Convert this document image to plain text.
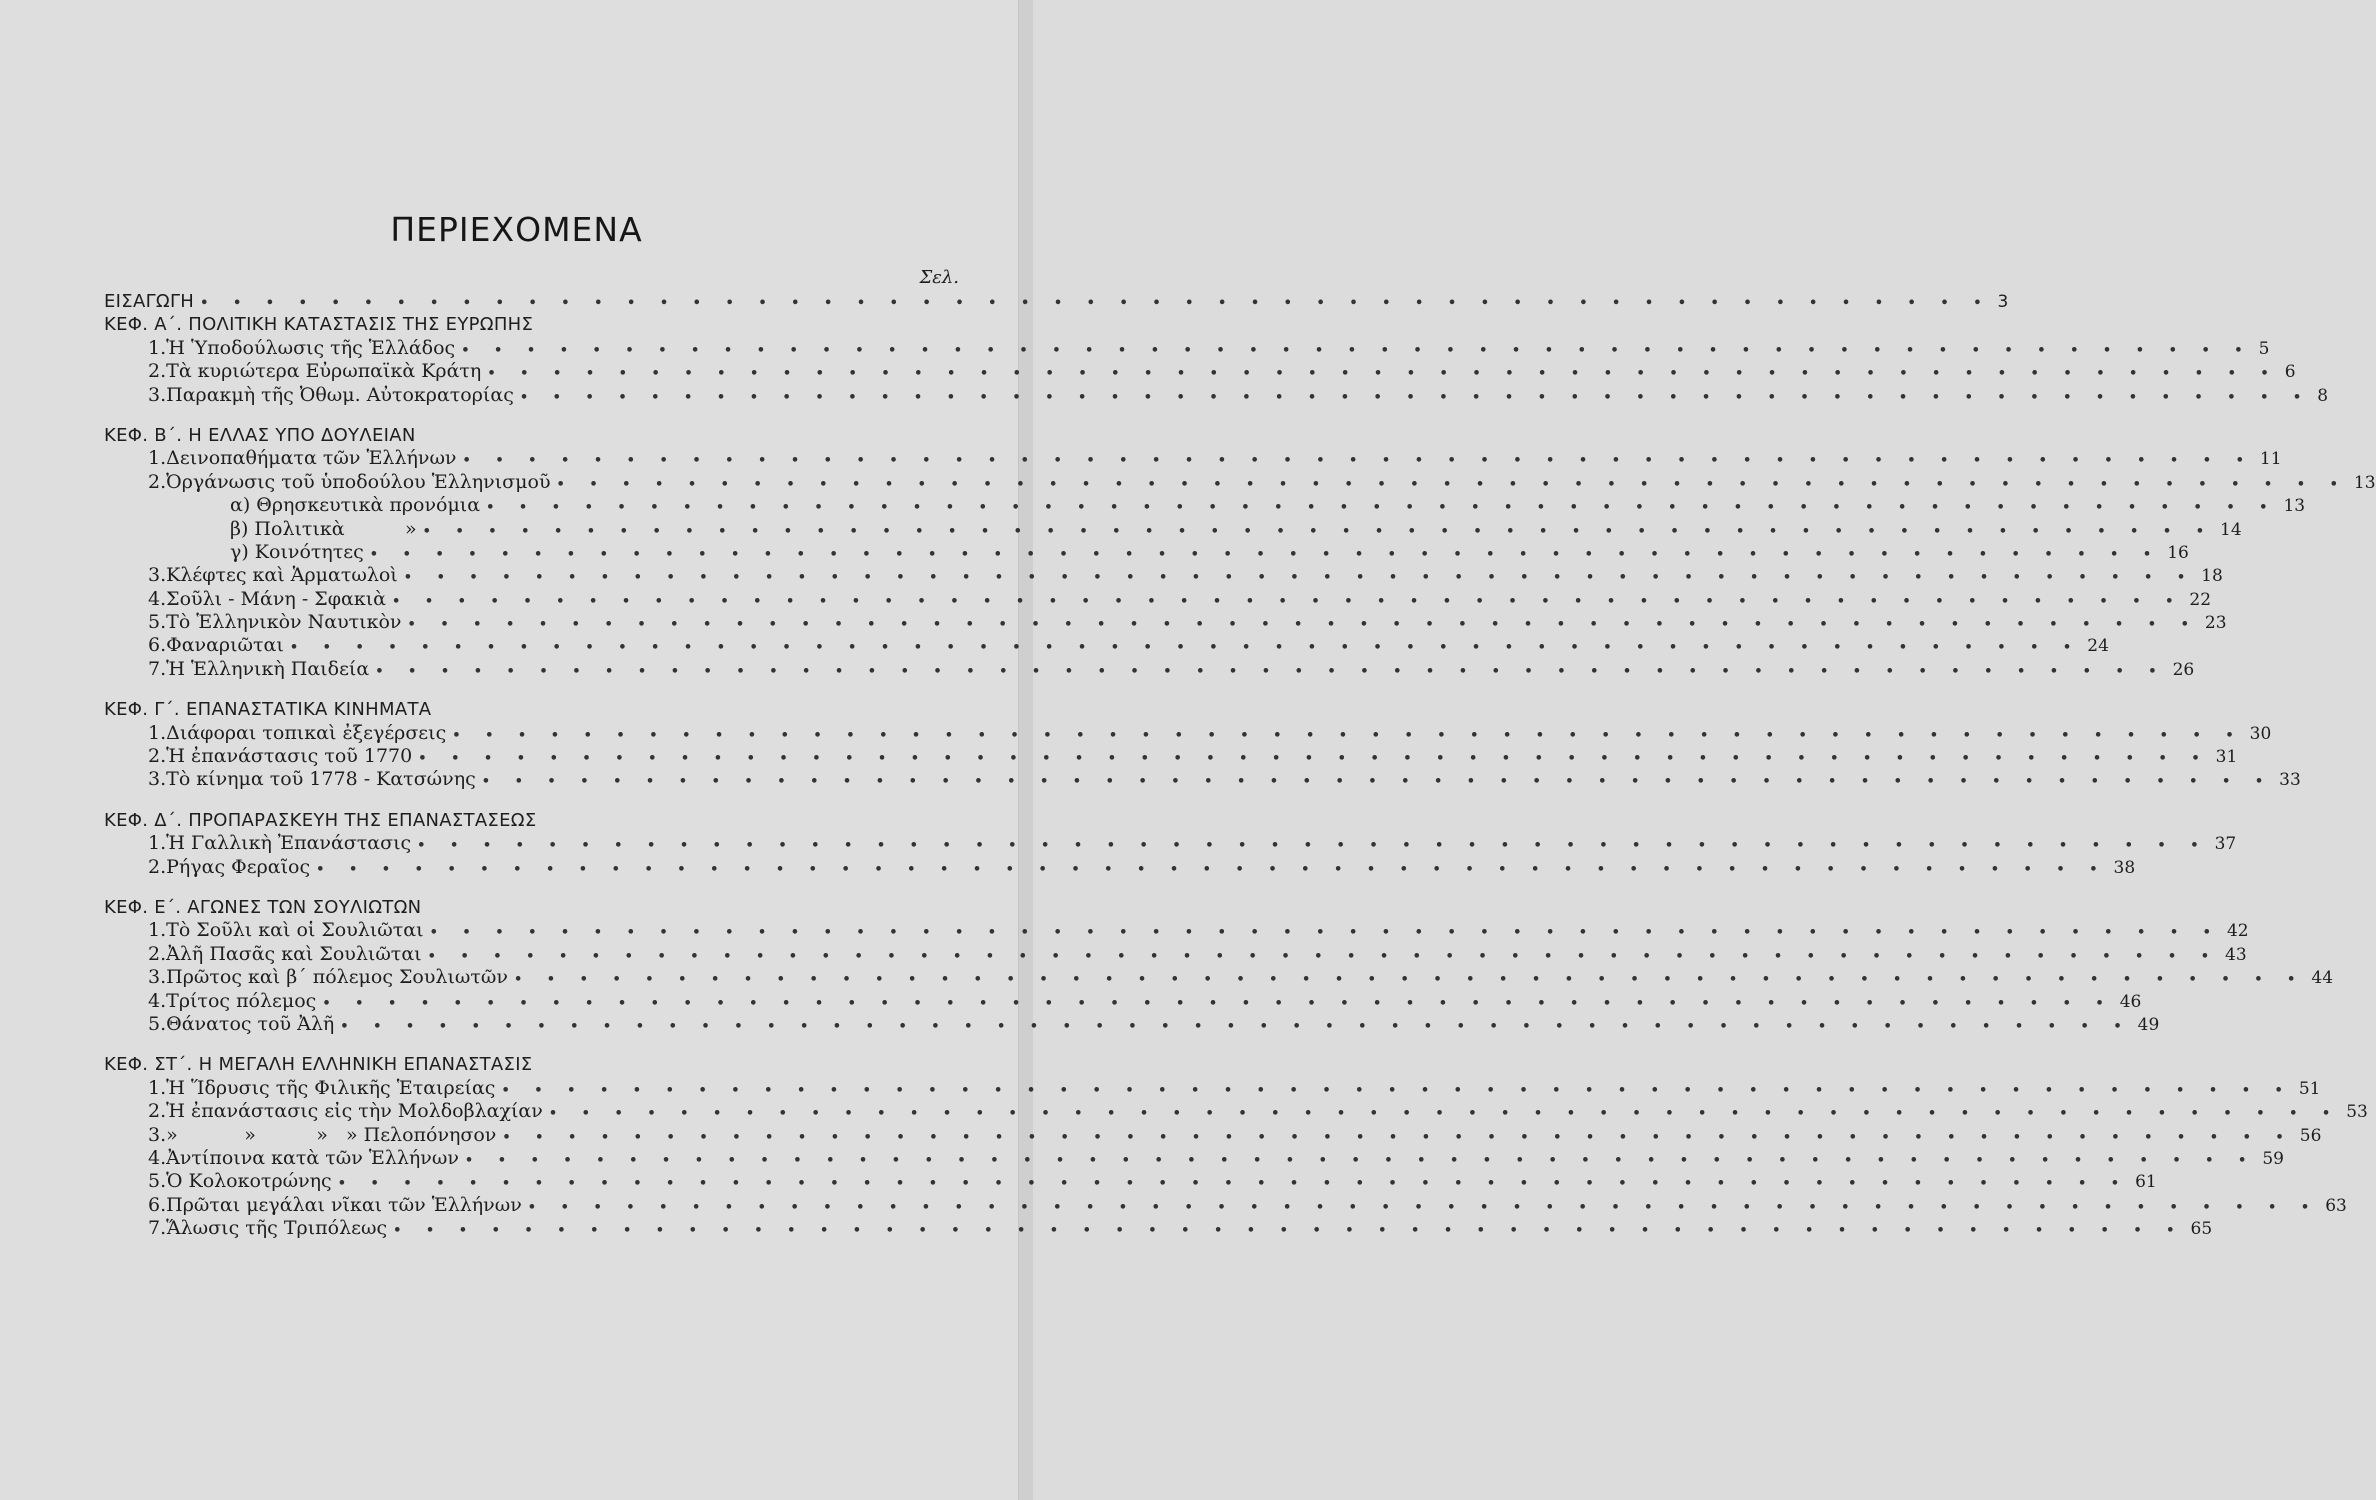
ΠΕΡΙΕΧΟΜΕΝΑ
Σελ.
ΕΙΣΑΓΩΓΗ • • • • • • • • • • • • • • • • • • • • • • • • • • • • • • • • • • • • • • • • • • • • • • • • • • • • • • • 3
ΚΕΦ. Α΄. ΠΟΛΙΤΙΚΗ ΚΑΤΑΣΤΑΣΙΣ ΤΗΣ ΕΥΡΩΠΗΣ
1. Ἡ Ὑποδούλωσις τῆς Ἑλλάδος • • • • • • • • • • • • • • • • • • • • • • • • • • • • • • • • • • • • • • • • • • • • • • • • • • • • • • • 5
2. Τὰ κυριώτερα Εὐρωπαϊκὰ Κράτη • • • • • • • • • • • • • • • • • • • • • • • • • • • • • • • • • • • • • • • • • • • • • • • • • • • • • • • 6
3. Παρακμὴ τῆς Ὀθωμ. Αὐτοκρατορίας • • • • • • • • • • • • • • • • • • • • • • • • • • • • • • • • • • • • • • • • • • • • • • • • • • • • • • • 8
ΚΕΦ. Β΄. Η ΕΛΛΑΣ ΥΠΟ ΔΟΥΛΕΙΑΝ
1. Δεινοπαθήματα τῶν Ἑλλήνων • • • • • • • • • • • • • • • • • • • • • • • • • • • • • • • • • • • • • • • • • • • • • • • • • • • • • • • 11
2. Ὀργάνωσις τοῦ ὑποδούλου Ἑλληνισμοῦ • • • • • • • • • • • • • • • • • • • • • • • • • • • • • • • • • • • • • • • • • • • • • • • • • • • • • • • 13
α) Θρησκευτικὰ προνόμια • • • • • • • • • • • • • • • • • • • • • • • • • • • • • • • • • • • • • • • • • • • • • • • • • • • • • • • 13
β) Πολιτικὰ          » • • • • • • • • • • • • • • • • • • • • • • • • • • • • • • • • • • • • • • • • • • • • • • • • • • • • • • • 14
γ) Κοινότητες • • • • • • • • • • • • • • • • • • • • • • • • • • • • • • • • • • • • • • • • • • • • • • • • • • • • • • • 16
3. Κλέφτες καὶ Ἁρματωλοὶ • • • • • • • • • • • • • • • • • • • • • • • • • • • • • • • • • • • • • • • • • • • • • • • • • • • • • • • 18
4. Σοῦλι - Μάνη - Σφακιὰ • • • • • • • • • • • • • • • • • • • • • • • • • • • • • • • • • • • • • • • • • • • • • • • • • • • • • • • 22
5. Τὸ Ἑλληνικὸν Ναυτικὸν • • • • • • • • • • • • • • • • • • • • • • • • • • • • • • • • • • • • • • • • • • • • • • • • • • • • • • • 23
6. Φαναριῶται • • • • • • • • • • • • • • • • • • • • • • • • • • • • • • • • • • • • • • • • • • • • • • • • • • • • • • • 24
7. Ἡ Ἑλληνικὴ Παιδεία • • • • • • • • • • • • • • • • • • • • • • • • • • • • • • • • • • • • • • • • • • • • • • • • • • • • • • • 26
ΚΕΦ. Γ΄. ΕΠΑΝΑΣΤΑΤΙΚΑ ΚΙΝΗΜΑΤΑ
1. Διάφοραι τοπικαὶ ἐξεγέρσεις • • • • • • • • • • • • • • • • • • • • • • • • • • • • • • • • • • • • • • • • • • • • • • • • • • • • • • • 30
2. Ἡ ἐπανάστασις τοῦ 1770 • • • • • • • • • • • • • • • • • • • • • • • • • • • • • • • • • • • • • • • • • • • • • • • • • • • • • • • 31
3. Τὸ κίνημα τοῦ 1778 - Κατσώνης • • • • • • • • • • • • • • • • • • • • • • • • • • • • • • • • • • • • • • • • • • • • • • • • • • • • • • • 33
ΚΕΦ. Δ΄. ΠΡΟΠΑΡΑΣΚΕΥΗ ΤΗΣ ΕΠΑΝΑΣΤΑΣΕΩΣ
1. Ἡ Γαλλικὴ Ἐπανάστασις • • • • • • • • • • • • • • • • • • • • • • • • • • • • • • • • • • • • • • • • • • • • • • • • • • • • • • • 37
2. Ρήγας Φεραῖος • • • • • • • • • • • • • • • • • • • • • • • • • • • • • • • • • • • • • • • • • • • • • • • • • • • • • • • 38
ΚΕΦ. Ε΄. ΑΓΩΝΕΣ ΤΩΝ ΣΟΥΛΙΩΤΩΝ
1. Τὸ Σοῦλι καὶ οἱ Σουλιῶται • • • • • • • • • • • • • • • • • • • • • • • • • • • • • • • • • • • • • • • • • • • • • • • • • • • • • • • 42
2. Ἀλῆ Πασᾶς καὶ Σουλιῶται • • • • • • • • • • • • • • • • • • • • • • • • • • • • • • • • • • • • • • • • • • • • • • • • • • • • • • • 43
3. Πρῶτος καὶ β΄ πόλεμος Σουλιωτῶν • • • • • • • • • • • • • • • • • • • • • • • • • • • • • • • • • • • • • • • • • • • • • • • • • • • • • • • 44
4. Τρίτος πόλεμος • • • • • • • • • • • • • • • • • • • • • • • • • • • • • • • • • • • • • • • • • • • • • • • • • • • • • • • 46
5. Θάνατος τοῦ Ἀλῆ • • • • • • • • • • • • • • • • • • • • • • • • • • • • • • • • • • • • • • • • • • • • • • • • • • • • • • • 49
ΚΕΦ. ΣΤ΄. Η ΜΕΓΑΛΗ ΕΛΛΗΝΙΚΗ ΕΠΑΝΑΣΤΑΣΙΣ
1. Ἡ Ἵδρυσις τῆς Φιλικῆς Ἑταιρείας • • • • • • • • • • • • • • • • • • • • • • • • • • • • • • • • • • • • • • • • • • • • • • • • • • • • • • • 51
2. Ἡ ἐπανάστασις εἰς τὴν Μολδοβλαχίαν • • • • • • • • • • • • • • • • • • • • • • • • • • • • • • • • • • • • • • • • • • • • • • • • • • • • • • • 53
3. »           »          »   » Πελοπόνησον • • • • • • • • • • • • • • • • • • • • • • • • • • • • • • • • • • • • • • • • • • • • • • • • • • • • • • • 56
4. Ἀντίποινα κατὰ τῶν Ἑλλήνων • • • • • • • • • • • • • • • • • • • • • • • • • • • • • • • • • • • • • • • • • • • • • • • • • • • • • • • 59
5. Ὁ Κολοκοτρώνης • • • • • • • • • • • • • • • • • • • • • • • • • • • • • • • • • • • • • • • • • • • • • • • • • • • • • • • 61
6. Πρῶται μεγάλαι νῖκαι τῶν Ἑλλήνων • • • • • • • • • • • • • • • • • • • • • • • • • • • • • • • • • • • • • • • • • • • • • • • • • • • • • • • 63
7. Ἅλωσις τῆς Τριπόλεως • • • • • • • • • • • • • • • • • • • • • • • • • • • • • • • • • • • • • • • • • • • • • • • • • • • • • • • 65
